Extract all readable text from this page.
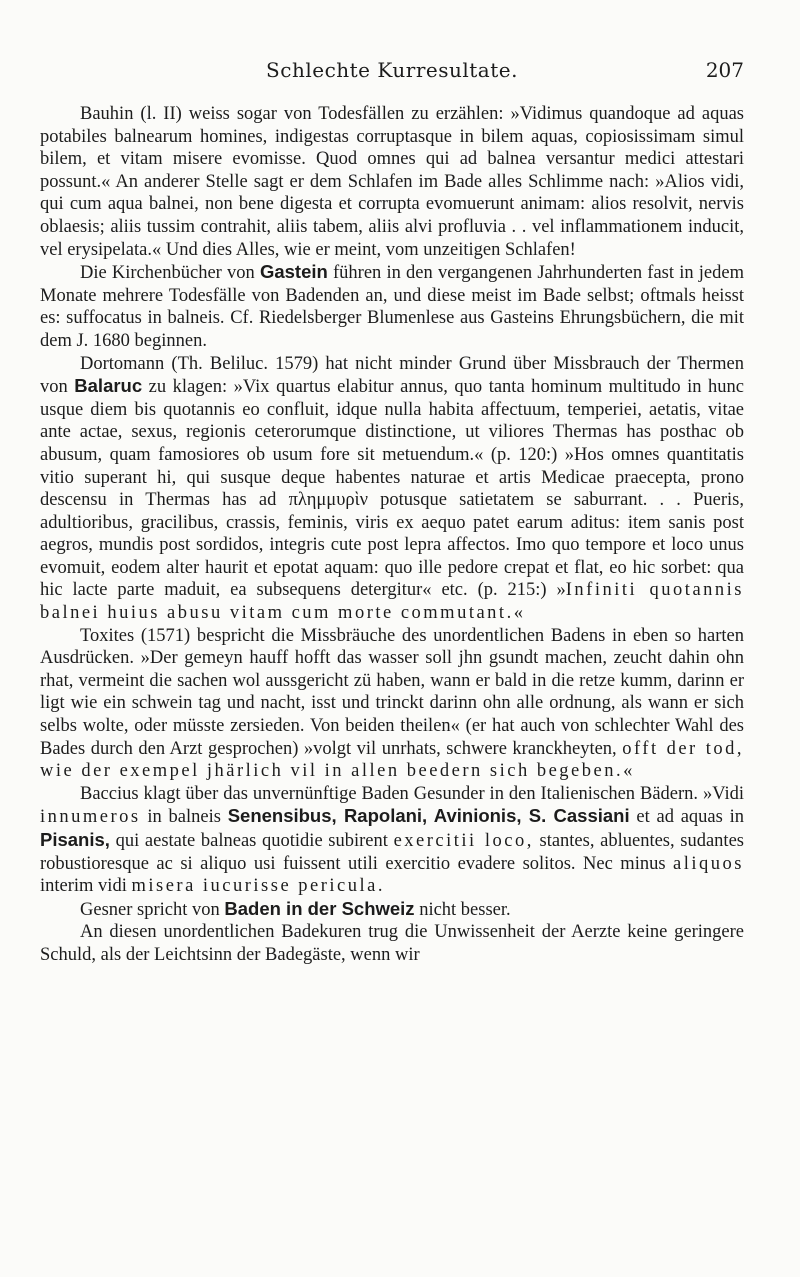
Schlechte Kurresultate.	207

Bauhin (l. II) weiss sogar von Todesfällen zu erzählen: »Vidimus quandoque ad aquas potabiles balnearum homines, indigestas corruptasque in bilem aquas, copiosissimam simul bilem, et vitam misere evomisse. Quod omnes qui ad balnea versantur medici attestari possunt.« An anderer Stelle sagt er dem Schlafen im Bade alles Schlimme nach: »Alios vidi, qui cum aqua balnei, non bene digesta et corrupta evomuerunt animam: alios resolvit, nervis oblaesis; aliis tussim contrahit, aliis tabem, aliis alvi profluvia . . vel inflammationem inducit, vel erysipelata.« Und dies Alles, wie er meint, vom unzeitigen Schlafen!

Die Kirchenbücher von Gastein führen in den vergangenen Jahrhunderten fast in jedem Monate mehrere Todesfälle von Badenden an, und diese meist im Bade selbst; oftmals heisst es: suffocatus in balneis. Cf. Riedelsberger Blumenlese aus Gasteins Ehrungsbüchern, die mit dem J. 1680 beginnen.

Dortomann (Th. Beliluc. 1579) hat nicht minder Grund über Missbrauch der Thermen von Balaruc zu klagen: »Vix quartus elabitur annus, quo tanta hominum multitudo in hunc usque diem bis quotannis eo confluit, idque nulla habita affectuum, temperiei, aetatis, vitae ante actae, sexus, regionis ceterorumque distinctione, ut viliores Thermas has posthac ob abusum, quam famosiores ob usum fore sit metuendum.« (p. 120:) »Hos omnes quantitatis vitio superant hi, qui susque deque habentes naturae et artis Medicae praecepta, prono descensu in Thermas has ad πλημμυρὶν potusque satietatem se saburrant. . . Pueris, adultioribus, gracilibus, crassis, feminis, viris ex aequo patet earum aditus: item sanis post aegros, mundis post sordidos, integris cute post lepra affectos. Imo quo tempore et loco unus evomuit, eodem alter haurit et epotat aquam: quo ille pedore crepat et flat, eo hic sorbet: qua hic lacte parte maduit, ea subsequens detergitur« etc. (p. 215:) »Infiniti quotannis balnei huius abusu vitam cum morte commutant.«

Toxites (1571) bespricht die Missbräuche des unordentlichen Badens in eben so harten Ausdrücken. »Der gemeyn hauff hofft das wasser soll jhn gsundt machen, zeucht dahin ohn rhat, vermeint die sachen wol aussgericht zü haben, wann er bald in die retze kumm, darinn er ligt wie ein schwein tag und nacht, isst und trinckt darinn ohn alle ordnung, als wann er sich selbs wolte, oder müsste zersieden. Von beiden theilen« (er hat auch von schlechter Wahl des Bades durch den Arzt gesprochen) »volgt vil unrhats, schwere kranckheyten, offt der tod, wie der exempel jhärlich vil in allen beedern sich begeben.«

Baccius klagt über das unvernünftige Baden Gesunder in den Italienischen Bädern. »Vidi innumeros in balneis Senensibus, Rapolani, Avinionis, S. Cassiani et ad aquas in Pisanis, qui aestate balneas quotidie subirent exercitii loco, stantes, abluentes, sudantes robustioresque ac si aliquo usi fuissent utili exercitio evadere solitos. Nec minus aliquos interim vidi misera iucurisse pericula.

Gesner spricht von Baden in der Schweiz nicht besser.

An diesen unordentlichen Badekuren trug die Unwissenheit der Aerzte keine geringere Schuld, als der Leichtsinn der Badegäste, wenn wir
